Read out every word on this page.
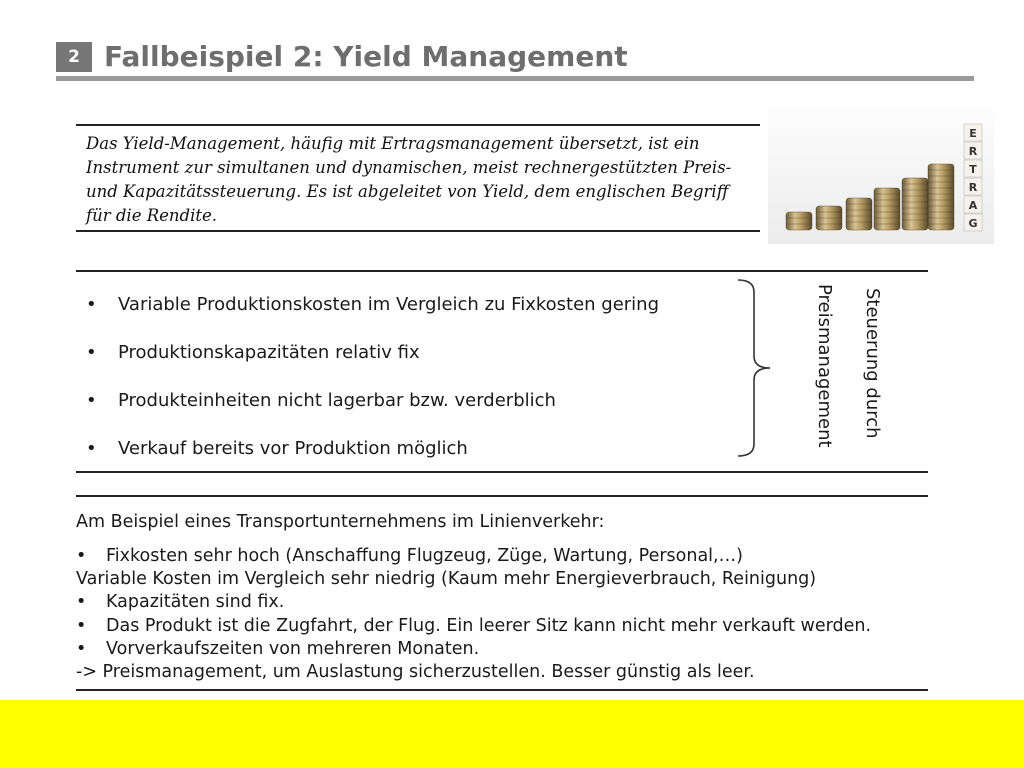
2 Fallbeispiel 2: Yield Management
Das Yield-Management, häufig mit Ertragsmanagement übersetzt, ist ein Instrument zur simultanen und dynamischen, meist rechnergestützten Preis- und Kapazitätssteuerung. Es ist abgeleitet von Yield, dem englischen Begriff für die Rendite.
E
R
T
R
A
G
• Variable Produktionskosten im Vergleich zu Fixkosten gering
• Produktionskapazitäten relativ fix
• Produkteinheiten nicht lagerbar bzw. verderblich
• Verkauf bereits vor Produktion möglich
Steuerung durch
Preismanagement
Am Beispiel eines Transportunternehmens im Linienverkehr:
• Fixkosten sehr hoch (Anschaffung Flugzeug, Züge, Wartung, Personal,…)
Variable Kosten im Vergleich sehr niedrig (Kaum mehr Energieverbrauch, Reinigung)
• Kapazitäten sind fix.
• Das Produkt ist die Zugfahrt, der Flug. Ein leerer Sitz kann nicht mehr verkauft werden.
• Vorverkaufszeiten von mehreren Monaten.
-> Preismanagement, um Auslastung sicherzustellen. Besser günstig als leer.
